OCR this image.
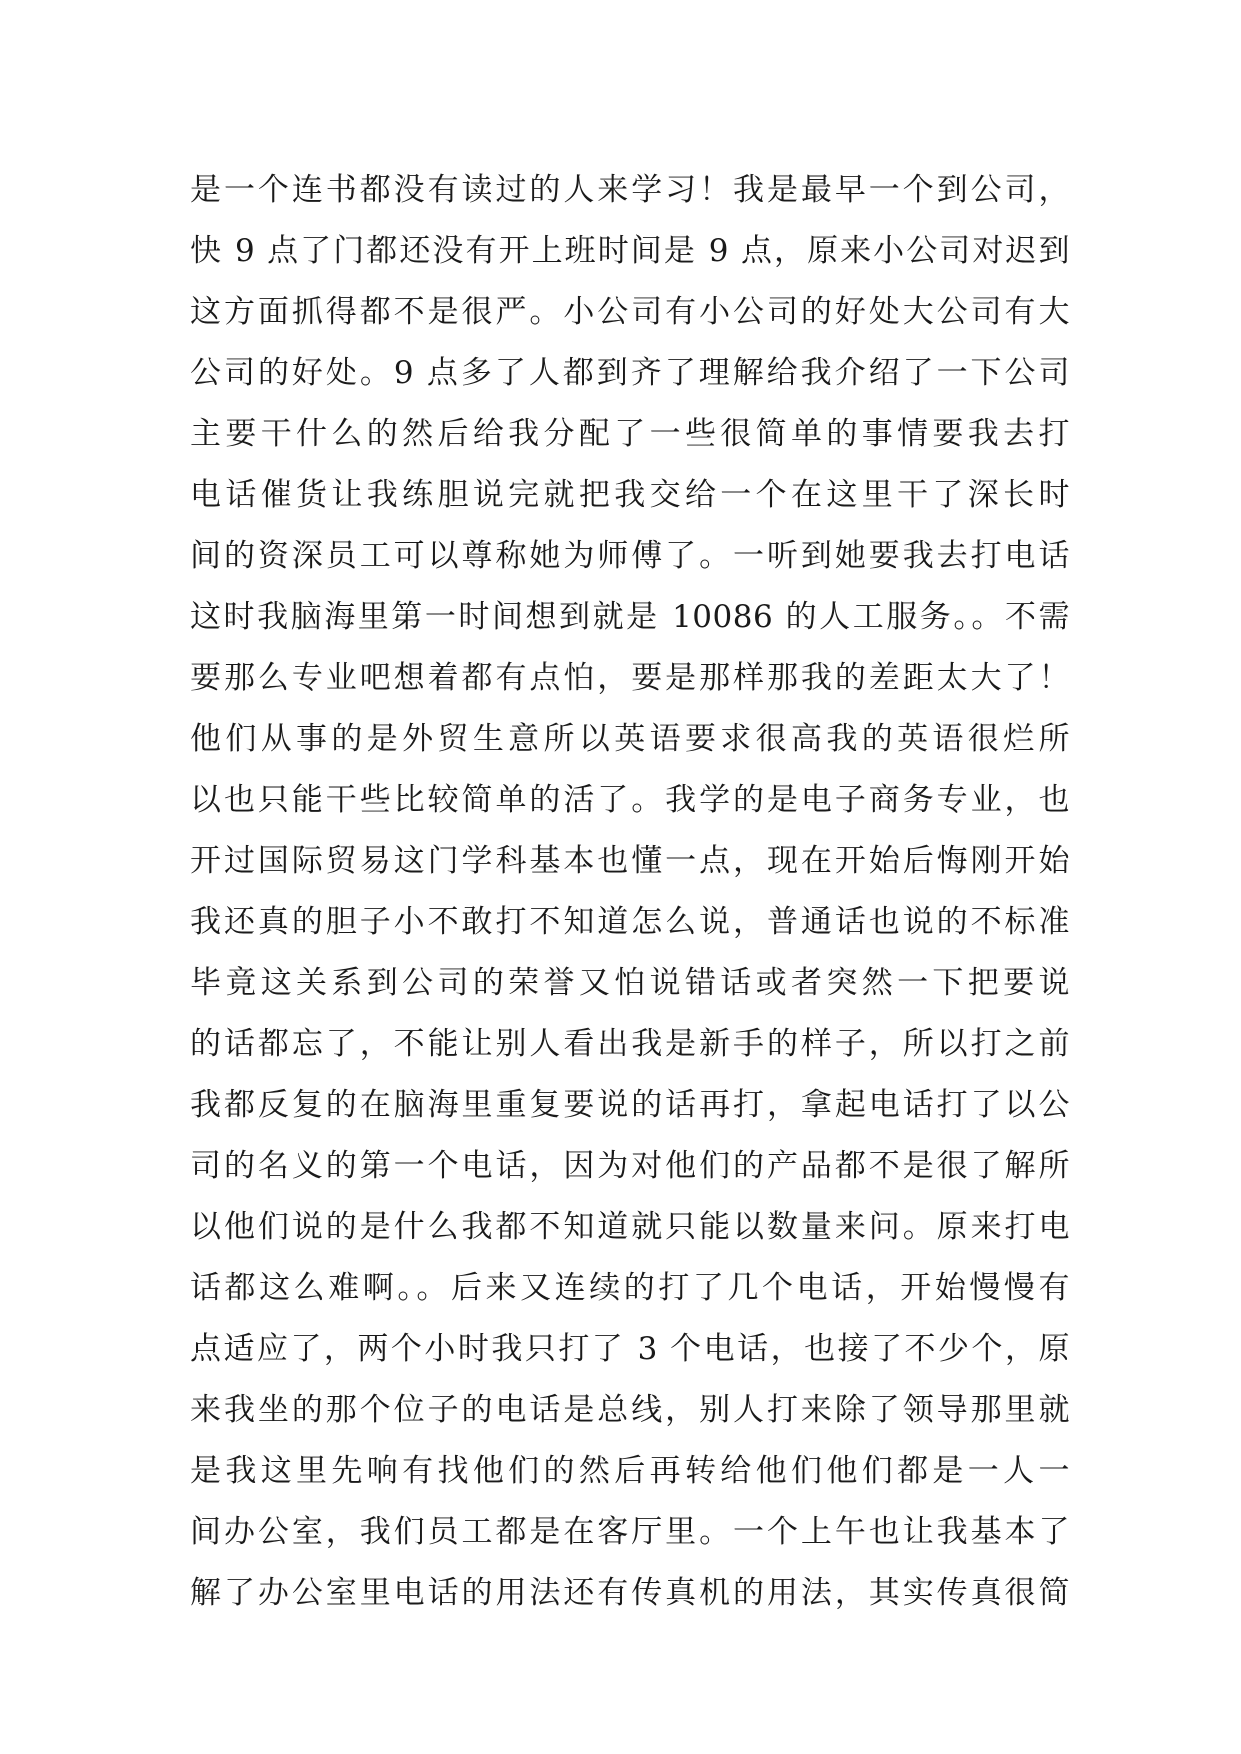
是一个连书都没有读过的人来学习！我是最早一个到公司，
快 9 点了门都还没有开上班时间是 9 点，原来小公司对迟到
这方面抓得都不是很严。小公司有小公司的好处大公司有大
公司的好处。9 点多了人都到齐了理解给我介绍了一下公司
主要干什么的然后给我分配了一些很简单的事情要我去打
电话催货让我练胆说完就把我交给一个在这里干了深长时
间的资深员工可以尊称她为师傅了。一听到她要我去打电话
这时我脑海里第一时间想到就是 10086 的人工服务。。不需
要那么专业吧想着都有点怕，要是那样那我的差距太大了！
他们从事的是外贸生意所以英语要求很高我的英语很烂所
以也只能干些比较简单的活了。我学的是电子商务专业，也
开过国际贸易这门学科基本也懂一点，现在开始后悔刚开始
我还真的胆子小不敢打不知道怎么说，普通话也说的不标准
毕竟这关系到公司的荣誉又怕说错话或者突然一下把要说
的话都忘了，不能让别人看出我是新手的样子，所以打之前
我都反复的在脑海里重复要说的话再打，拿起电话打了以公
司的名义的第一个电话，因为对他们的产品都不是很了解所
以他们说的是什么我都不知道就只能以数量来问。原来打电
话都这么难啊。。后来又连续的打了几个电话，开始慢慢有
点适应了，两个小时我只打了 3 个电话，也接了不少个，原
来我坐的那个位子的电话是总线，别人打来除了领导那里就
是我这里先响有找他们的然后再转给他们他们都是一人一
间办公室，我们员工都是在客厅里。一个上午也让我基本了
解了办公室里电话的用法还有传真机的用法，其实传真很简
